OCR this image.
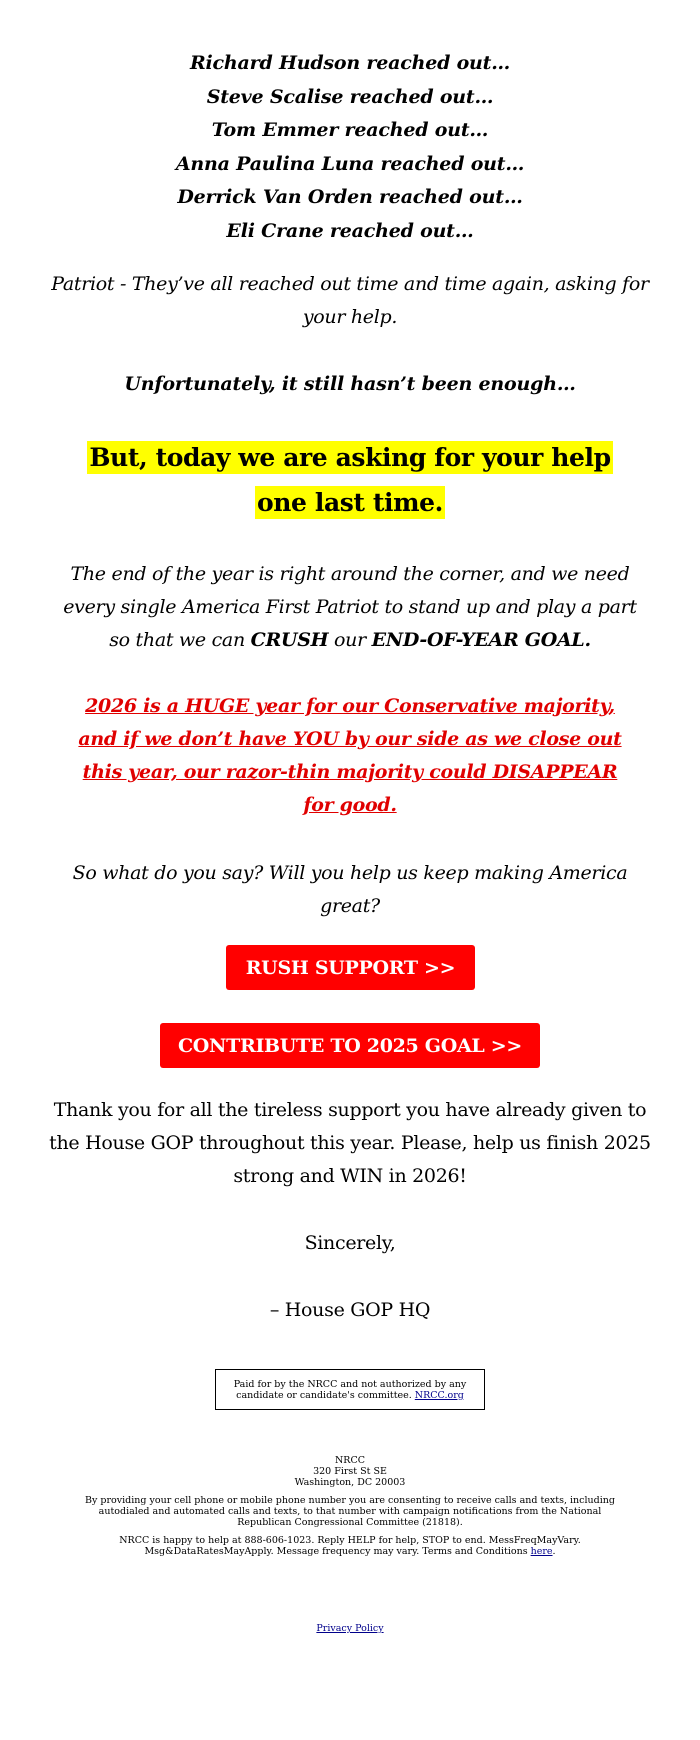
Richard Hudson reached out…
Steve Scalise reached out…
Tom Emmer reached out…
Anna Paulina Luna reached out…
Derrick Van Orden reached out…
Eli Crane reached out…
Patriot - They’ve all reached out time and time again, asking for
your help.
Unfortunately, it still hasn’t been enough…
But, today we are asking for your help
one last time.
The end of the year is right around the corner, and we need
every single America First Patriot to stand up and play a part
so that we can CRUSH our END-OF-YEAR GOAL.
2026 is a HUGE year for our Conservative majority,
and if we don’t have YOU by our side as we close out
this year, our razor-thin majority could DISAPPEAR
for good.
So what do you say? Will you help us keep making America
great?
RUSH SUPPORT >>
CONTRIBUTE TO 2025 GOAL >>
Thank you for all the tireless support you have already given to
the House GOP throughout this year. Please, help us finish 2025
strong and WIN in 2026!
Sincerely,
– House GOP HQ
Paid for by the NRCC and not authorized by any
candidate or candidate's committee. NRCC.org
NRCC
320 First St SE
Washington, DC 20003
By providing your cell phone or mobile phone number you are consenting to receive calls and texts, including
autodialed and automated calls and texts, to that number with campaign notifications from the National
Republican Congressional Committee (21818).
NRCC is happy to help at 888-606-1023. Reply HELP for help, STOP to end. MessFreqMayVary.
Msg&DataRatesMayApply. Message frequency may vary. Terms and Conditions here.
Privacy Policy
